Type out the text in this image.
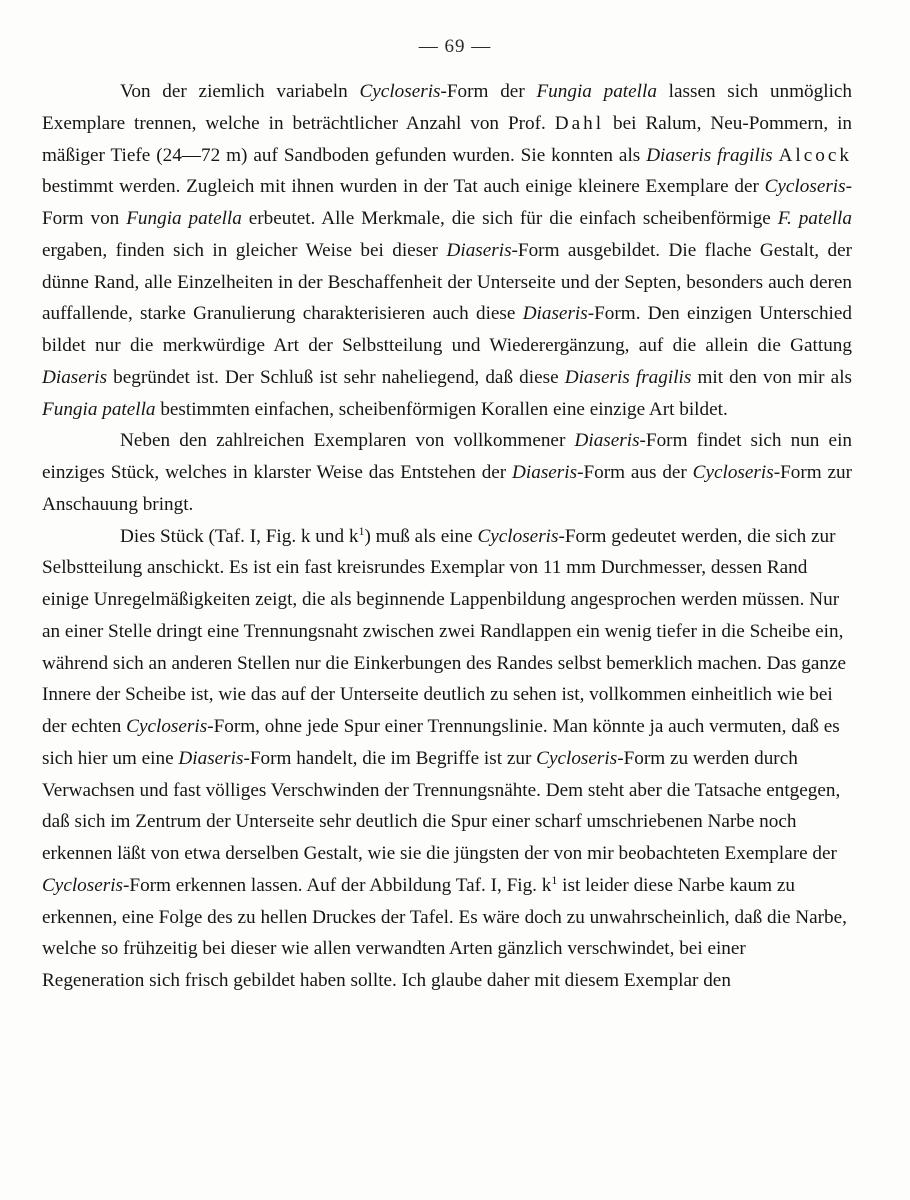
— 69 —

Von der ziemlich variabeln Cycloseris-Form der Fungia patella lassen sich unmöglich Exemplare trennen, welche in beträchtlicher Anzahl von Prof. Dahl bei Ralum, Neu-Pommern, in mäßiger Tiefe (24—72 m) auf Sandboden gefunden wurden. Sie konnten als Diaseris fragilis Alcock bestimmt werden. Zugleich mit ihnen wurden in der Tat auch einige kleinere Exemplare der Cycloseris-Form von Fungia patella erbeutet. Alle Merkmale, die sich für die einfach scheibenförmige F. patella ergaben, finden sich in gleicher Weise bei dieser Diaseris-Form ausgebildet. Die flache Gestalt, der dünne Rand, alle Einzelheiten in der Beschaffenheit der Unterseite und der Septen, besonders auch deren auffallende, starke Granulierung charakterisieren auch diese Diaseris-Form. Den einzigen Unterschied bildet nur die merkwürdige Art der Selbstteilung und Wiederergänzung, auf die allein die Gattung Diaseris begründet ist. Der Schluß ist sehr naheliegend, daß diese Diaseris fragilis mit den von mir als Fungia patella bestimmten einfachen, scheibenförmigen Korallen eine einzige Art bildet.

Neben den zahlreichen Exemplaren von vollkommener Diaseris-Form findet sich nun ein einziges Stück, welches in klarster Weise das Entstehen der Diaseris-Form aus der Cycloseris-Form zur Anschauung bringt.

Dies Stück (Taf. I, Fig. k und $k^1$) muß als eine Cycloseris-Form gedeutet werden, die sich zur Selbstteilung anschickt. Es ist ein fast kreisrundes Exemplar von 11 mm Durchmesser, dessen Rand einige Unregelmäßigkeiten zeigt, die als beginnende Lappenbildung angesprochen werden müssen. Nur an einer Stelle dringt eine Trennungsnaht zwischen zwei Randlappen ein wenig tiefer in die Scheibe ein, während sich an anderen Stellen nur die Einkerbungen des Randes selbst bemerklich machen. Das ganze Innere der Scheibe ist, wie das auf der Unterseite deutlich zu sehen ist, vollkommen einheitlich wie bei der echten Cycloseris-Form, ohne jede Spur einer Trennungslinie. Man könnte ja auch vermuten, daß es sich hier um eine Diaseris-Form handelt, die im Begriffe ist zur Cycloseris-Form zu werden durch Verwachsen und fast völliges Verschwinden der Trennungsnähte. Dem steht aber die Tatsache entgegen, daß sich im Zentrum der Unterseite sehr deutlich die Spur einer scharf umschriebenen Narbe noch erkennen läßt von etwa derselben Gestalt, wie sie die jüngsten der von mir beobachteten Exemplare der Cycloseris-Form erkennen lassen. Auf der Abbildung Taf. I, Fig. $k^1$ ist leider diese Narbe kaum zu erkennen, eine Folge des zu hellen Druckes der Tafel. Es wäre doch zu unwahrscheinlich, daß die Narbe, welche so frühzeitig bei dieser wie allen verwandten Arten gänzlich verschwindet, bei einer Regeneration sich frisch gebildet haben sollte. Ich glaube daher mit diesem Exemplar den
